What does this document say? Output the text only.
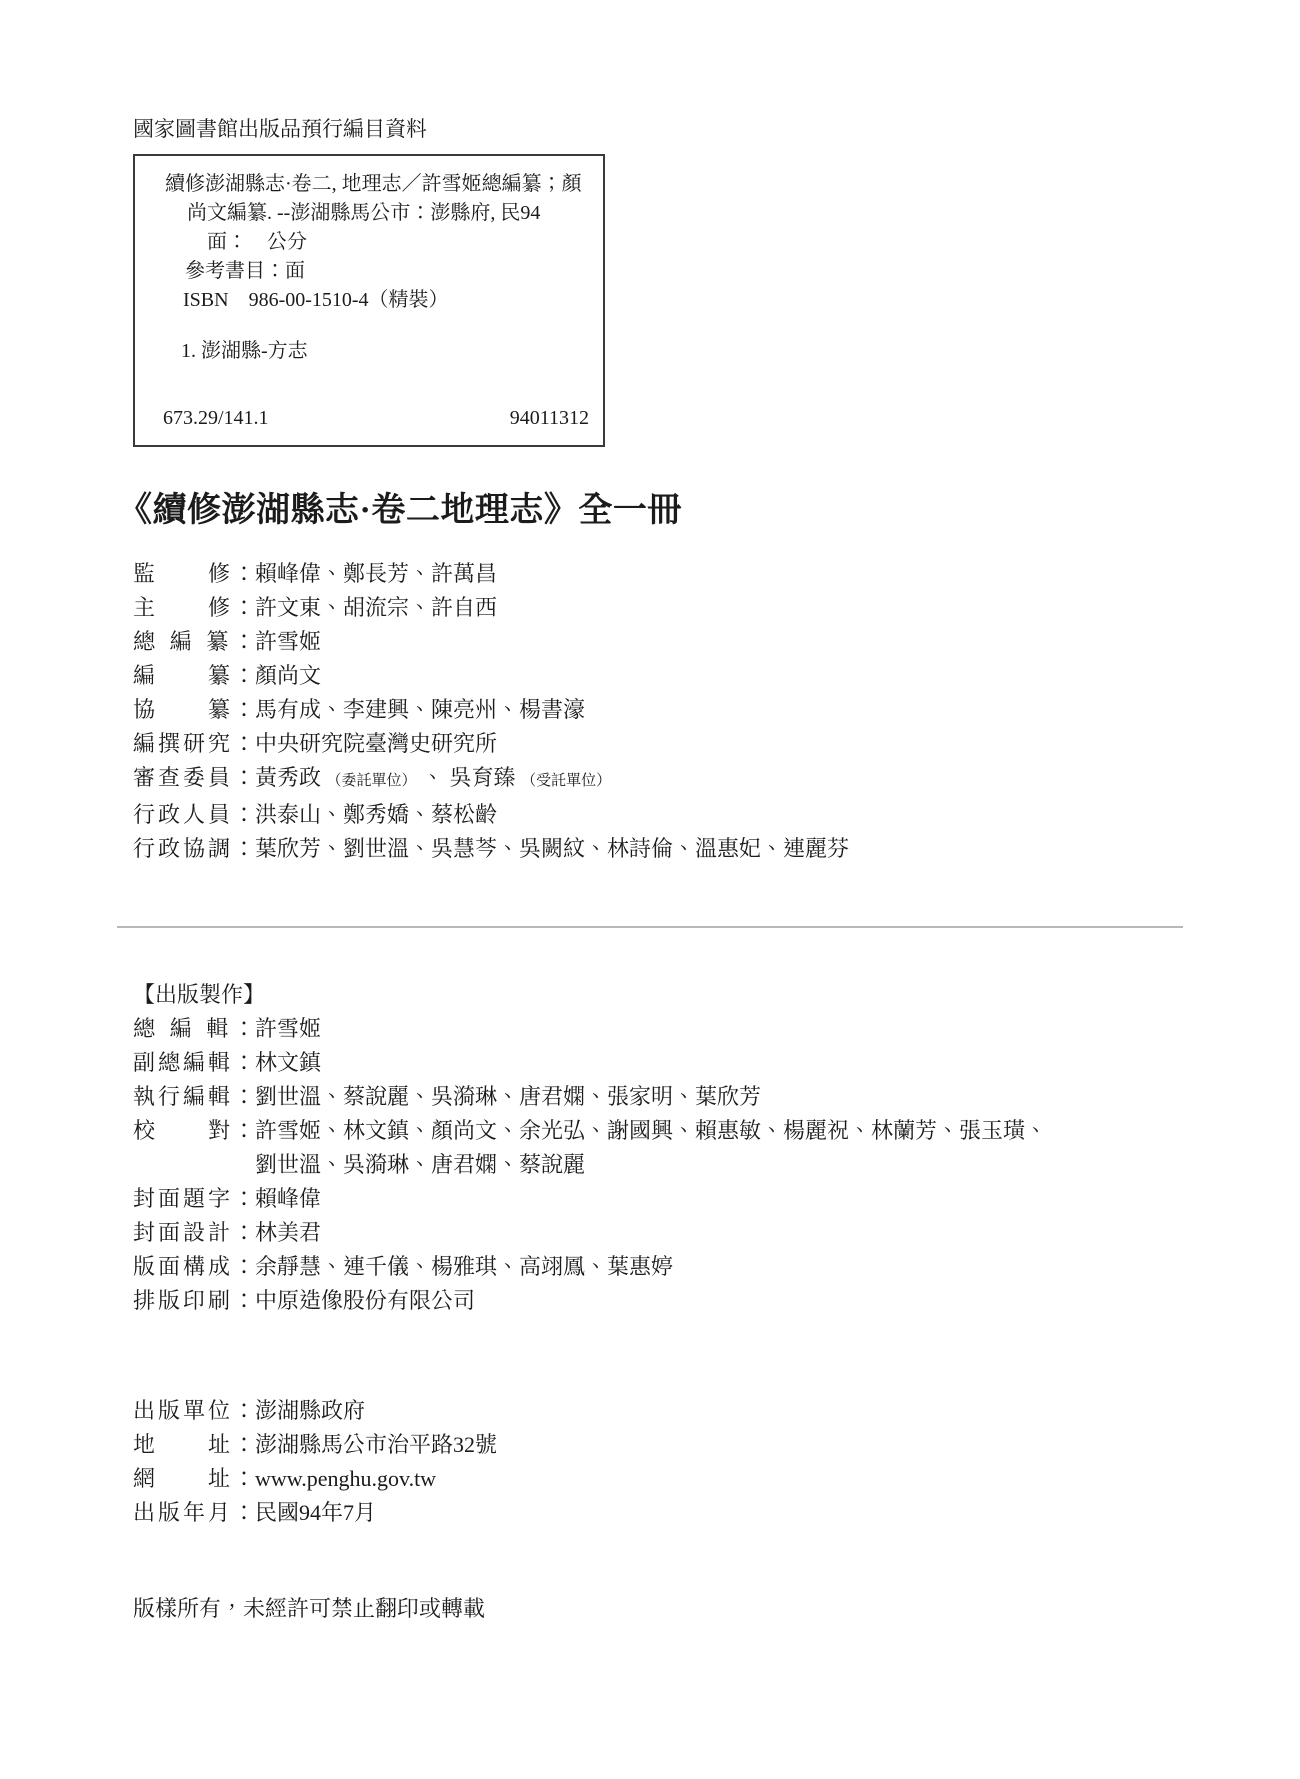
國家圖書館出版品預行編目資料
續修澎湖縣志·卷二, 地理志／許雪姬總編纂；顏
尚文編纂. --澎湖縣馬公市：澎縣府, 民94
面：　公分
參考書目：面
ISBN　986-00-1510-4（精裝）
1. 澎湖縣-方志
673.29/141.1	94011312
《續修澎湖縣志·卷二地理志》全一冊
監　　修： 賴峰偉、鄭長芳、許萬昌
主　　修： 許文東、胡流宗、許自西
總 編 纂： 許雪姬
編　　纂： 顏尚文
協　　纂： 馬有成、李建興、陳亮州、楊書濠
編撰研究： 中央研究院臺灣史研究所
審查委員： 黃秀政 （委託單位） 、 吳育臻 （受託單位）
行政人員： 洪泰山、鄭秀嬌、蔡松齡
行政協調： 葉欣芳、劉世溫、吳慧芩、吳闕紋、林詩倫、溫惠妃、連麗芬
【出版製作】
總 編 輯： 許雪姬
副總編輯： 林文鎮
執行編輯： 劉世溫、蔡說麗、吳漪琳、唐君嫻、張家明、葉欣芳
校　　對： 許雪姬、林文鎮、顏尚文、余光弘、謝國興、賴惠敏、楊麗祝、林蘭芳、張玉璜、
劉世溫、吳漪琳、唐君嫻、蔡說麗
封面題字： 賴峰偉
封面設計： 林美君
版面構成： 余靜慧、連千儀、楊雅琪、高翊鳳、葉惠婷
排版印刷： 中原造像股份有限公司
出版單位： 澎湖縣政府
地　　址： 澎湖縣馬公市治平路32號
網　　址： www.penghu.gov.tw
出版年月： 民國94年7月
版樣所有，未經許可禁止翻印或轉載
